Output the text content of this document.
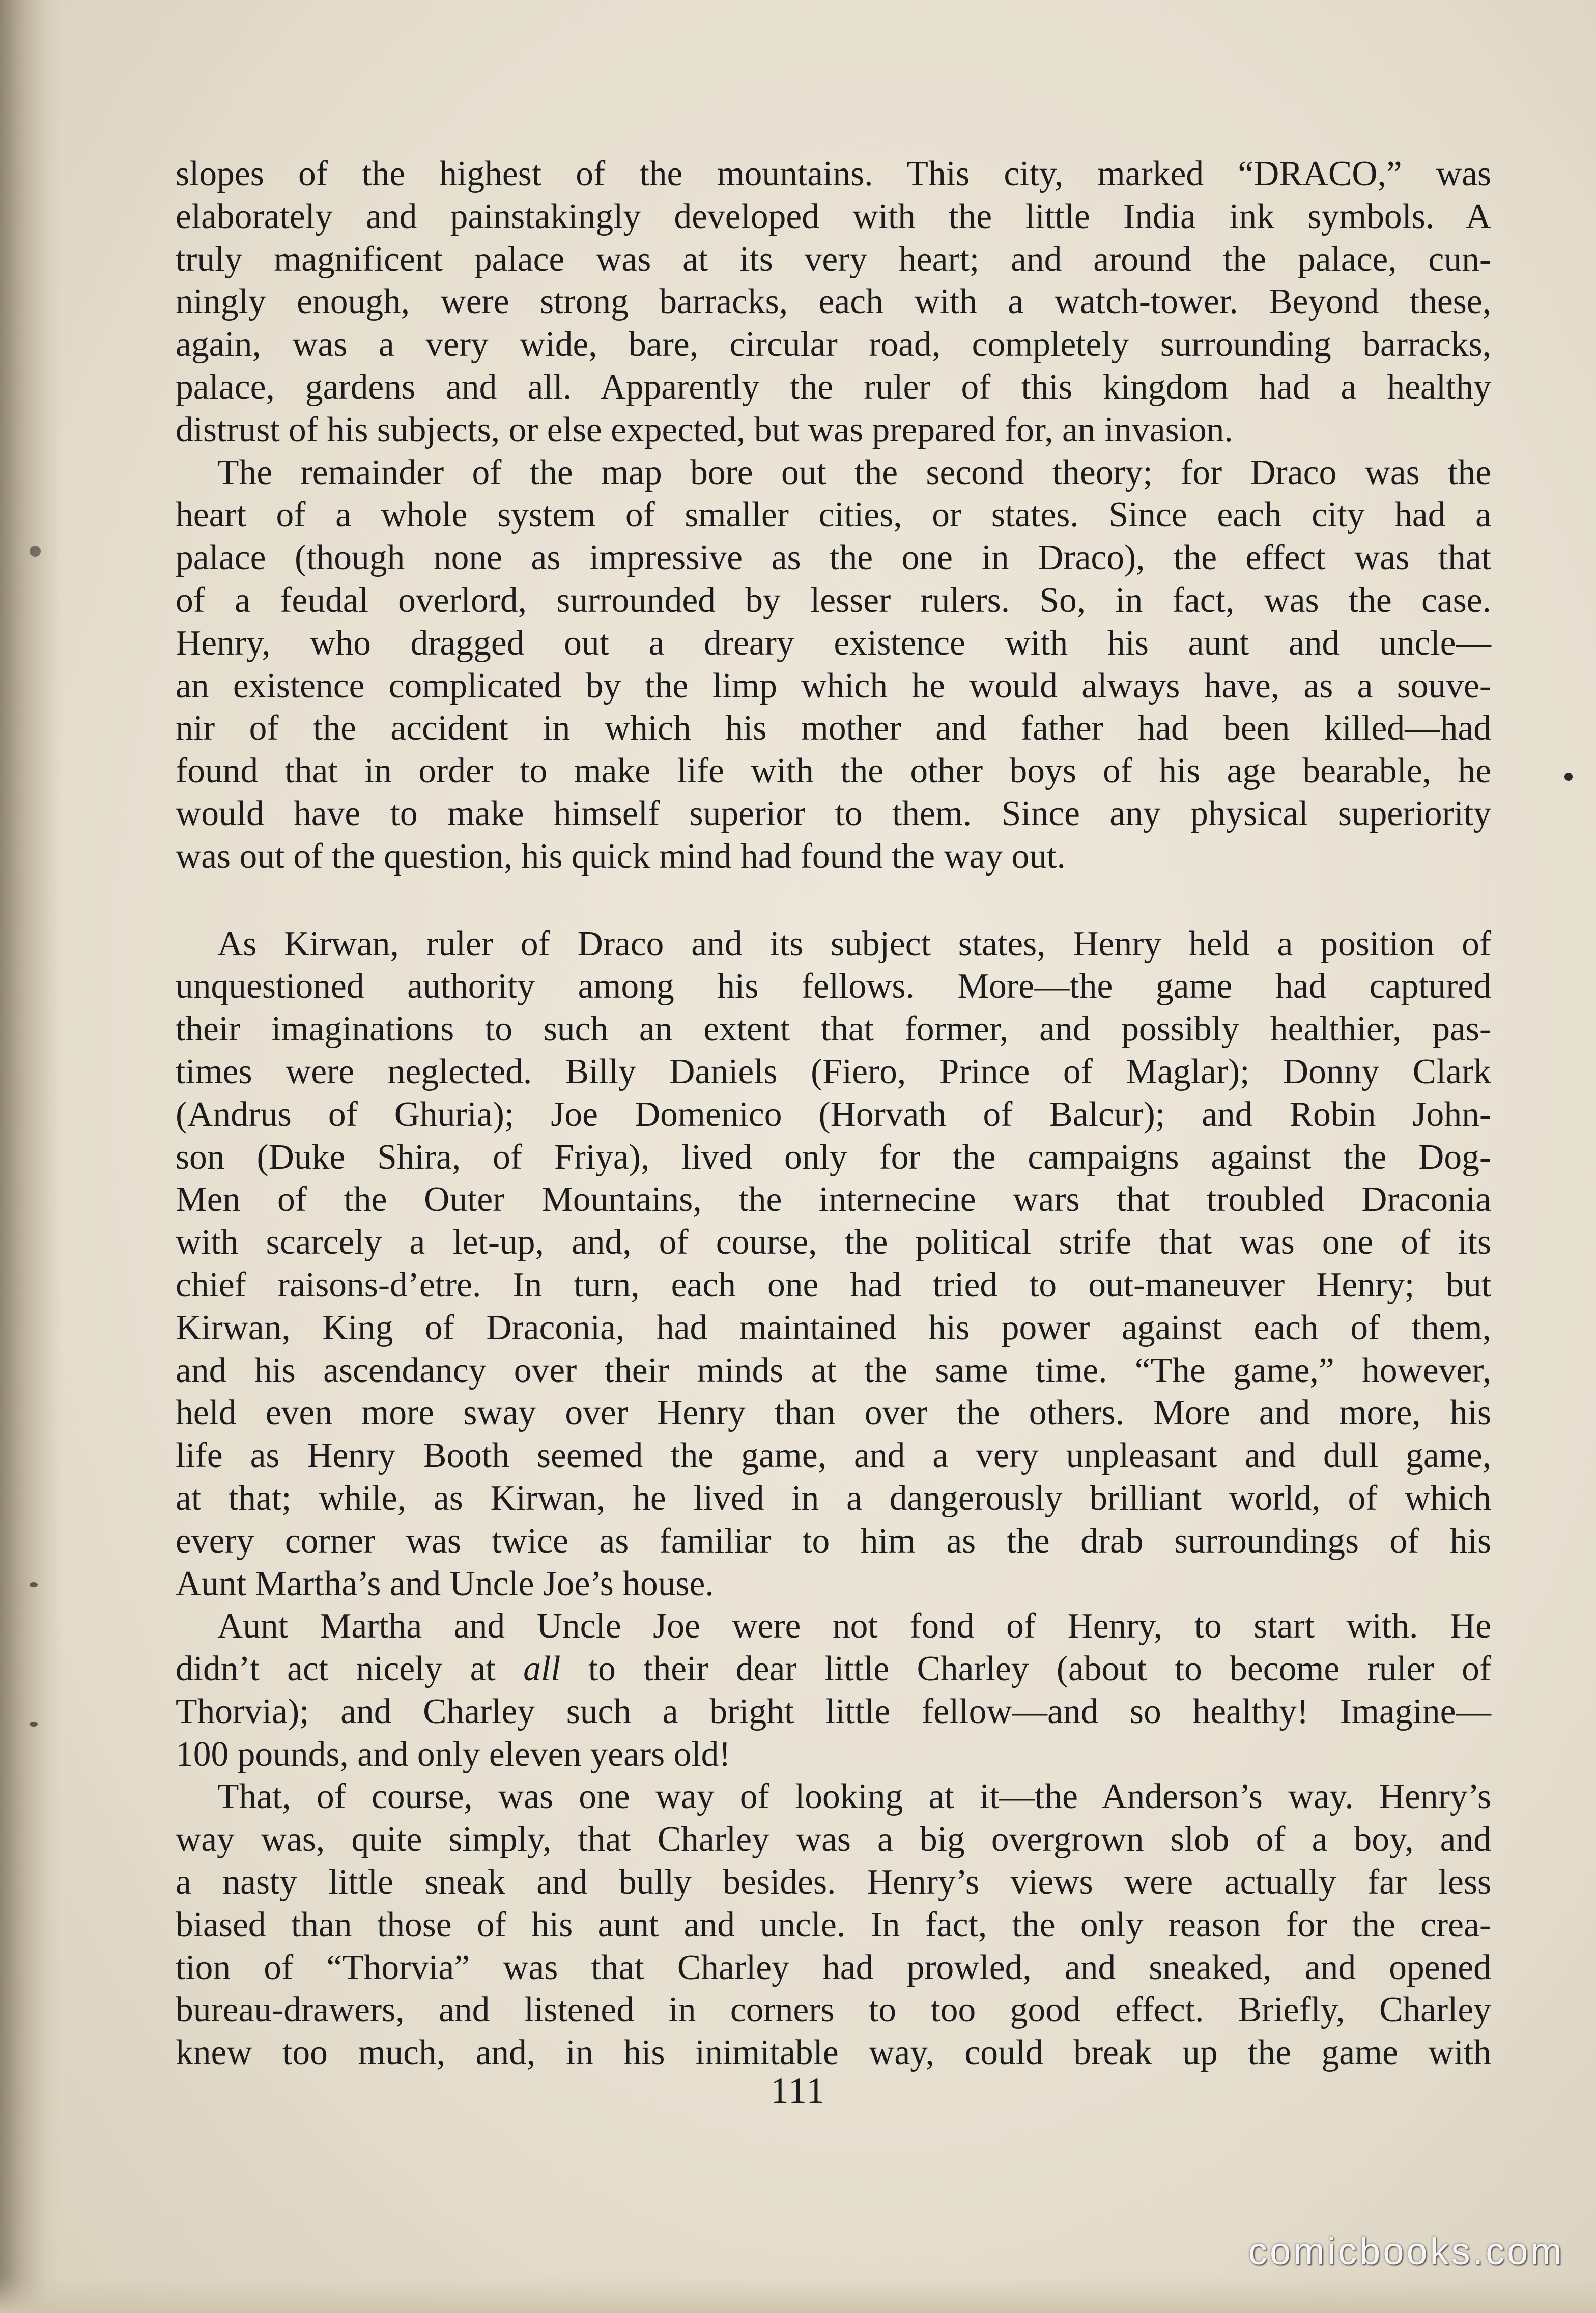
slopes of the highest of the mountains. This city, marked “DRACO,” was
elaborately and painstakingly developed with the little India ink symbols. A
truly magnificent palace was at its very heart; and around the palace, cun-
ningly enough, were strong barracks, each with a watch-tower. Beyond these,
again, was a very wide, bare, circular road, completely surrounding barracks,
palace, gardens and all. Apparently the ruler of this kingdom had a healthy
distrust of his subjects, or else expected, but was prepared for, an invasion.
The remainder of the map bore out the second theory; for Draco was the
heart of a whole system of smaller cities, or states. Since each city had a
palace (though none as impressive as the one in Draco), the effect was that
of a feudal overlord, surrounded by lesser rulers. So, in fact, was the case.
Henry, who dragged out a dreary existence with his aunt and uncle—
an existence complicated by the limp which he would always have, as a souve-
nir of the accident in which his mother and father had been killed—had
found that in order to make life with the other boys of his age bearable, he
would have to make himself superior to them. Since any physical superiority
was out of the question, his quick mind had found the way out.
As Kirwan, ruler of Draco and its subject states, Henry held a position of
unquestioned authority among his fellows. More—the game had captured
their imaginations to such an extent that former, and possibly healthier, pas-
times were neglected. Billy Daniels (Fiero, Prince of Maglar); Donny Clark
(Andrus of Ghuria); Joe Domenico (Horvath of Balcur); and Robin John-
son (Duke Shira, of Friya), lived only for the campaigns against the Dog-
Men of the Outer Mountains, the internecine wars that troubled Draconia
with scarcely a let-up, and, of course, the political strife that was one of its
chief raisons-d’etre. In turn, each one had tried to out-maneuver Henry; but
Kirwan, King of Draconia, had maintained his power against each of them,
and his ascendancy over their minds at the same time. “The game,” however,
held even more sway over Henry than over the others. More and more, his
life as Henry Booth seemed the game, and a very unpleasant and dull game,
at that; while, as Kirwan, he lived in a dangerously brilliant world, of which
every corner was twice as familiar to him as the drab surroundings of his
Aunt Martha’s and Uncle Joe’s house.
Aunt Martha and Uncle Joe were not fond of Henry, to start with. He
didn’t act nicely at all to their dear little Charley (about to become ruler of
Thorvia); and Charley such a bright little fellow—and so healthy! Imagine—
100 pounds, and only eleven years old!
That, of course, was one way of looking at it—the Anderson’s way. Henry’s
way was, quite simply, that Charley was a big overgrown slob of a boy, and
a nasty little sneak and bully besides. Henry’s views were actually far less
biased than those of his aunt and uncle. In fact, the only reason for the crea-
tion of “Thorvia” was that Charley had prowled, and sneaked, and opened
bureau-drawers, and listened in corners to too good effect. Briefly, Charley
knew too much, and, in his inimitable way, could break up the game with
111
comicbooks.com
